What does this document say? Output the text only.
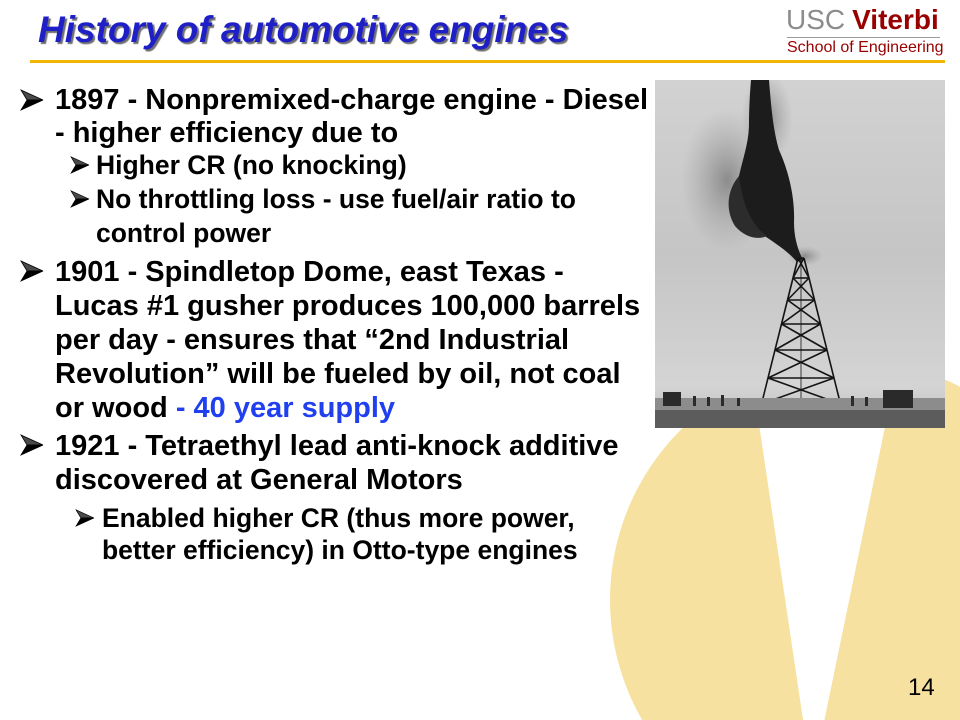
History of automotive engines	USC Viterbi
School of Engineering
1897 - Nonpremixed-charge engine - Diesel
- higher efficiency due to
Higher CR (no knocking)
No throttling loss - use fuel/air ratio to
control power
1901 - Spindletop Dome, east Texas -
Lucas #1 gusher produces 100,000 barrels
per day - ensures that “2nd Industrial
Revolution” will be fueled by oil, not coal
or wood - 40 year supply
1921 - Tetraethyl lead anti-knock additive
discovered at General Motors
Enabled higher CR (thus more power,
better efficiency) in Otto-type engines
14
